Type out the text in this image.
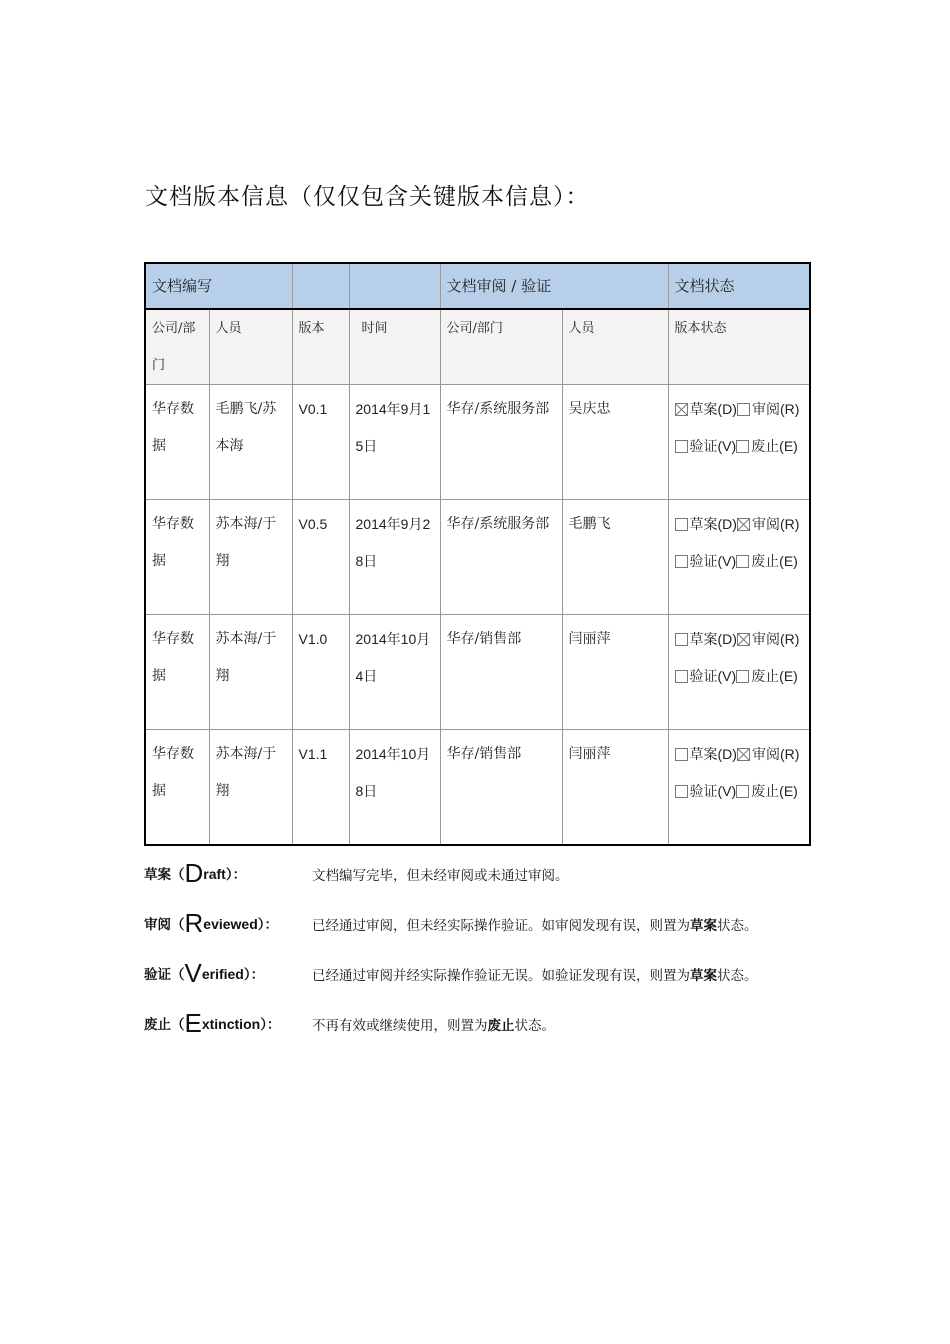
文档版本信息（仅仅包含关键版本信息）：
文档编写				文档审阅 / 验证		文档状态
公司/部门	人员	版本	时间	公司/部门	人员	版本状态
华存数据	毛鹏飞/苏本海	V0.1	2014年9月15日	华存/系统服务部	吴庆忠	草案(D) 审阅(R)验证(V) 废止(E)
华存数据	苏本海/于翔	V0.5	2014年9月28日	华存/系统服务部	毛鹏飞	草案(D) 审阅(R)验证(V) 废止(E)
华存数据	苏本海/于翔	V1.0	2014年10月4日	华存/销售部	闫丽萍	草案(D) 审阅(R)验证(V) 废止(E)
华存数据	苏本海/于翔	V1.1	2014年10月8日	华存/销售部	闫丽萍	草案(D) 审阅(R)验证(V) 废止(E)
草案（Draft）：	文档编写完毕，但未经审阅或未通过审阅。
审阅（Reviewed）：	已经通过审阅，但未经实际操作验证。如审阅发现有误，则置为草案状态。
验证（Verified）：	已经通过审阅并经实际操作验证无误。如验证发现有误，则置为草案状态。
废止（Extinction）： 不再有效或继续使用，则置为废止状态。
